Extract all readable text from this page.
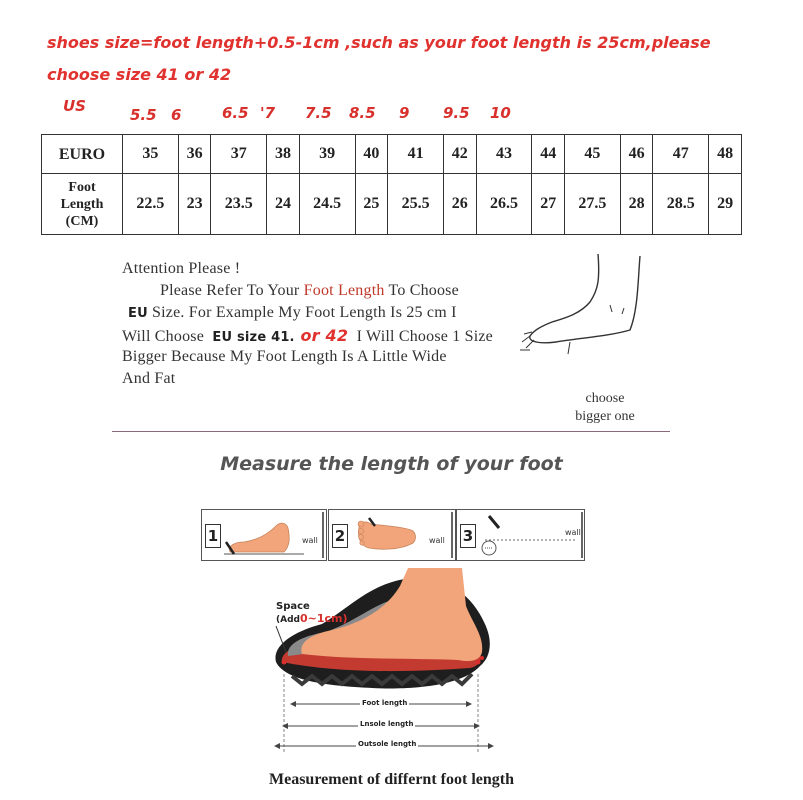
shoes size=foot length+0.5-1cm ,such as your foot length is 25cm,please
choose size 41 or 42
US	5.5 6	6.5 '7 7.5 8.5 9 9.5 10
EURO	35	36	37	38	39	40	41	42	43	44	45	46	47	48

Foot
Length
(CM)	22.5	23	23.5	24	24.5	25	25.5	26	26.5	27	27.5	28	28.5	29
Attention Please !
Please Refer To Your Foot Length To Choose
EU Size. For Example My Foot Length Is 25 cm I
Will Choose EU size 41. or 42  I Will Choose 1 Size
Bigger Because My Foot Length Is A Little Wide
And Fat
choose
bigger one
Measure the length of your foot
1	wall 2	wall 3	wall
Space
(Add0~1cm)
Foot length
Lnsole length
Outsole length
Measurement of differnt foot length
